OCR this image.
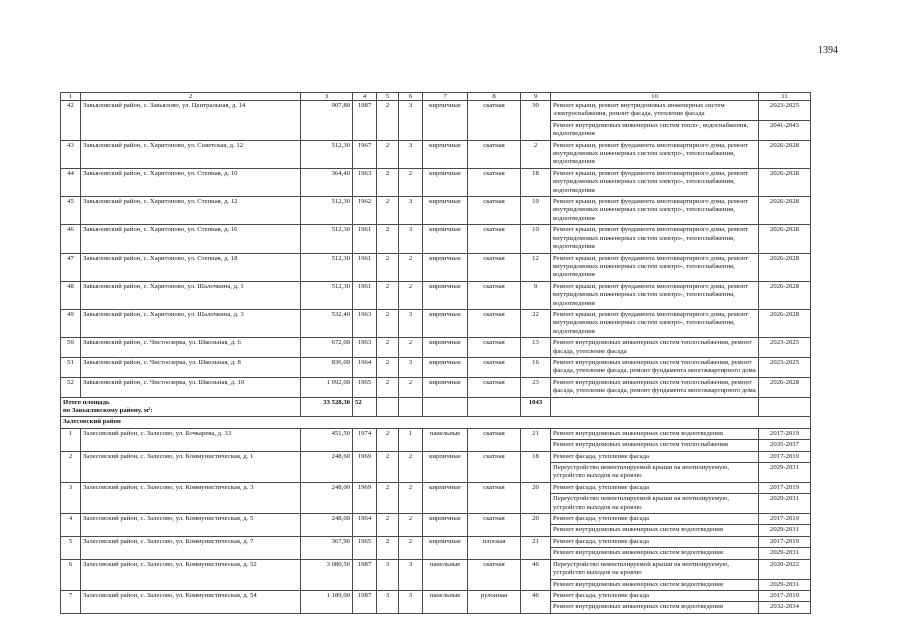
1394
1	2	3	4	5	6	7	8	9	10	11
42	Завьяловский район, с. Завьялово, ул. Центральная, д. 14	907,80	1987	2	3	кирпичные	скатная	30	Ремонт крыши, ремонт внутридомовых инженерных систем электроснабжения, ремонт фасада, утепление фасада	2023-2025
									Ремонт внутридомовых инженерных систем тепло-, водоснабжения, водоотведения	2041-2043
43	Завьяловский район, с. Харитоново, ул. Советская, д. 12	512,30	1967	2	3	кирпичные	скатная	2	Ремонт крыши, ремонт фундамента многоквартирного дома, ремонт внутридомовых инженерных систем электро-, теплоснабжения, водоотведения	2026-2028
44	Завьяловский район, с. Харитоново, ул. Степная, д. 10	364,40	1963	2	2	кирпичные	скатная	18	Ремонт крыши, ремонт фундамента многоквартирного дома, ремонт внутридомовых инженерных систем электро-, теплоснабжения, водоотведения	2026-2028
45	Завьяловский район, с. Харитоново, ул. Степная, д. 12	512,30	1962	2	3	кирпичные	скатная	19	Ремонт крыши, ремонт фундамента многоквартирного дома, ремонт внутридомовых инженерных систем электро-, теплоснабжения, водоотведения	2026-2028
46	Завьяловский район, с. Харитоново, ул. Степная, д. 16	512,30	1961	2	3	кирпичные	скатная	10	Ремонт крыши, ремонт фундамента многоквартирного дома, ремонт внутридомовых инженерных систем электро-, теплоснабжения, водоотведения	2026-2028
47	Завьяловский район, с. Харитоново, ул. Степная, д. 18	512,30	1961	2	2	кирпичные	скатная	12	Ремонт крыши, ремонт фундамента многоквартирного дома, ремонт внутридомовых инженерных систем электро-, теплоснабжения, водоотведения	2026-2028
48	Завьяловский район, с. Харитоново, ул. Шалочкина, д. 1	512,30	1961	2	2	кирпичные	скатная	9	Ремонт крыши, ремонт фундамента многоквартирного дома, ремонт внутридомовых инженерных систем электро-, теплоснабжения, водоотведения	2026-2028
49	Завьяловский район, с. Харитоново, ул. Шалочкина, д. 3	532,40	1963	2	3	кирпичные	скатная	22	Ремонт крыши, ремонт фундамента многоквартирного дома, ремонт внутридомовых инженерных систем электро-, теплоснабжения, водоотведения	2026-2028
50	Завьяловский район, с. Чистоозерка, ул. Школьная, д. 6	672,00	1963	2	2	кирпичные	скатная	13	Ремонт внутридомовых инженерных систем теплоснабжения, ремонт фасада, утепление фасада	2023-2025
51	Завьяловский район, с. Чистоозерка, ул. Школьная, д. 8	836,00	1964	2	3	кирпичные	скатная	16	Ремонт внутридомовых инженерных систем теплоснабжения, ремонт фасада, утепление фасада, ремонт фундамента многоквартирного дома	2023-2025
52	Завьяловский район, с. Чистоозерка, ул. Школьная, д. 10	1 092,00	1965	2	2	кирпичные	скатная	23	Ремонт внутридомовых инженерных систем теплоснабжения, ремонт фасада, утепление фасада, ремонт фундамента многоквартирного дома	2026-2028
Итого площадь
по Завьяловскому району, м²:		33 528,30	52					1043		
Залесовский район										
1	Залесовский район, с. Залесово, ул. Бочкарева, д. 33	451,50	1974	2	1	панельные	скатная	21	Ремонт внутридомовых инженерных систем водоотведения	2017-2019
									Ремонт внутридомовых инженерных систем теплоснабжения	2035-2037
2	Залесовский район, с. Залесово, ул. Коммунистическая, д. 1	248,60	1969	2	2	кирпичные	скатная	18	Ремонт фасада, утепление фасада	2017-2019
									Переустройство невентилируемой крыши на вентилируемую, устройство выходов на кровлю	2029-2031
3	Залесовский район, с. Залесово, ул. Коммунистическая, д. 3	248,00	1969	2	2	кирпичные	скатная	20	Ремонт фасада, утепление фасада	2017-2019
									Переустройство невентилируемой крыши на вентилируемую, устройство выходов на кровлю	2029-2031
4	Залесовский район, с. Залесово, ул. Коммунистическая, д. 5	248,00	1964	2	2	кирпичные	скатная	20	Ремонт фасада, утепление фасада	2017-2019
									Ремонт внутридомовых инженерных систем водоотведения	2029-2031
5	Залесовский район, с. Залесово, ул. Коммунистическая, д. 7	367,90	1965	2	2	кирпичные	плоская	21	Ремонт фасада, утепление фасада	2017-2019
									Ремонт внутридомовых инженерных систем водоотведения	2029-2031
6	Залесовский район, с. Залесово, ул. Коммунистическая, д. 52	3 080,50	1987	3	3	панельные	скатная	46	Переустройство невентилируемой крыши на вентилируемую, устройство выходов на кровлю	2020-2022
									Ремонт внутридомовых инженерных систем водоотведения	2029-2031
7	Залесовский район, с. Залесово, ул. Коммунистическая, д. 54	1 189,00	1987	3	3	панельные	рулонная	46	Ремонт фасада, утепление фасада	2017-2019
									Ремонт внутридомовых инженерных систем водоотведения	2032-2034
